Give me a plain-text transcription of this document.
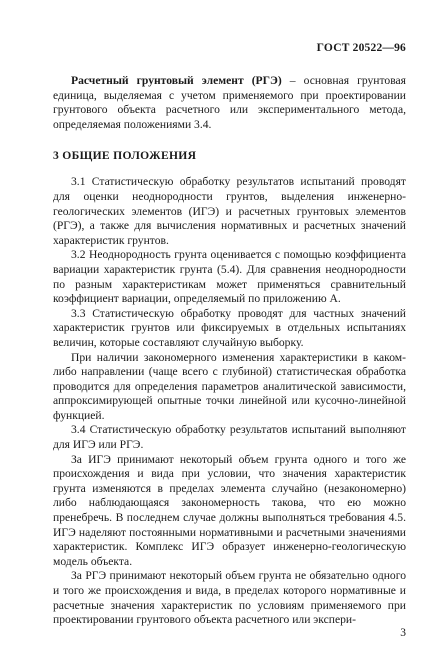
ГОСТ 20522—96

Расчетный грунтовый элемент (РГЭ) – основная грунтовая единица, выделяемая с учетом применяемого при проектировании грунтового объекта расчетного или экспериментального метода, определяемая положениями 3.4.

3 ОБЩИЕ ПОЛОЖЕНИЯ

3.1 Статистическую обработку результатов испытаний проводят для оценки неоднородности грунтов, выделения инженерно-геологических элементов (ИГЭ) и расчетных грунтовых элементов (РГЭ), а также для вычисления нормативных и расчетных значений характеристик грунтов.

3.2 Неоднородность грунта оценивается с помощью коэффициента вариации характеристик грунта (5.4). Для сравнения неоднородности по разным характеристикам может применяться сравнительный коэффициент вариации, определяемый по приложению А.

3.3 Статистическую обработку проводят для частных значений характеристик грунтов или фиксируемых в отдельных испытаниях величин, которые составляют случайную выборку.

При наличии закономерного изменения характеристики в каком-либо направлении (чаще всего с глубиной) статистическая обработка проводится для определения параметров аналитической зависимости, аппроксимирующей опытные точки линейной или кусочно-линейной функцией.

3.4 Статистическую обработку результатов испытаний выполняют для ИГЭ или РГЭ.

За ИГЭ принимают некоторый объем грунта одного и того же происхождения и вида при условии, что значения характеристик грунта изменяются в пределах элемента случайно (незакономерно) либо наблюдающаяся закономерность такова, что ею можно пренебречь. В последнем случае должны выполняться требования 4.5. ИГЭ наделяют постоянными нормативными и расчетными значениями характеристик. Комплекс ИГЭ образует инженерно-геологическую модель объекта.

За РГЭ принимают некоторый объем грунта не обязательно одного и того же происхождения и вида, в пределах которого нормативные и расчетные значения характеристик по условиям применяемого при проектировании грунтового объекта расчетного или экспери-

3
